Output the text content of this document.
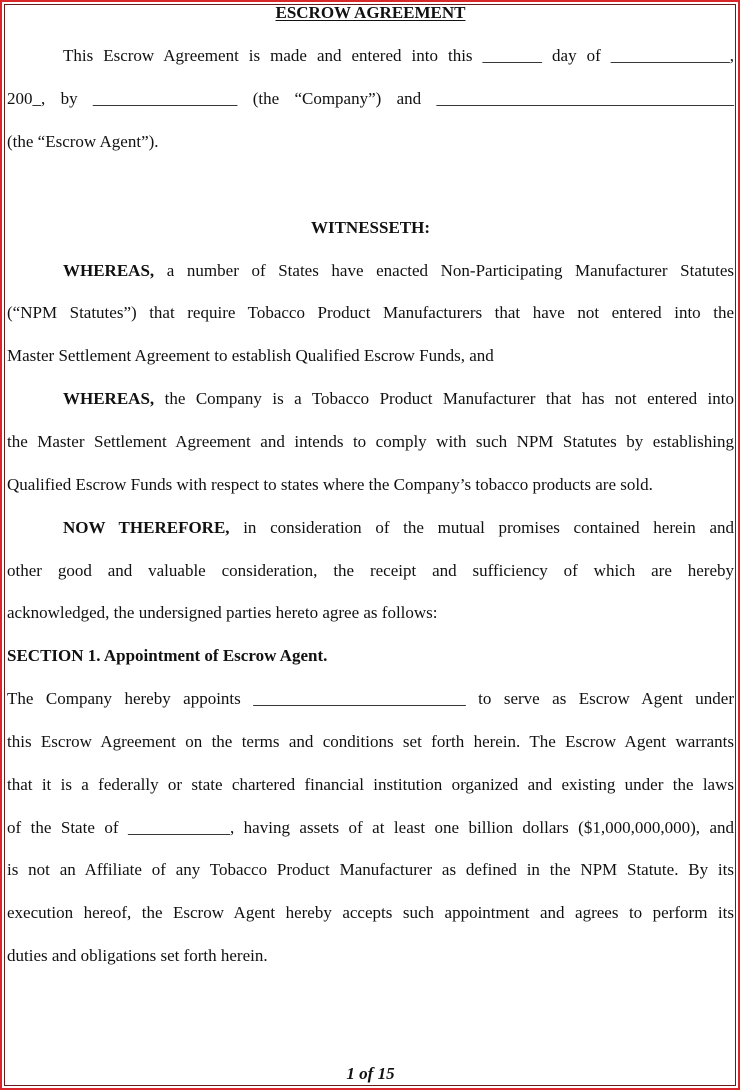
ESCROW AGREEMENT
This Escrow Agreement is made and entered into this _______ day of ______________,
200_, by _________________ (the “Company”) and ___________________________________
(the “Escrow Agent”).
WITNESSETH:
WHEREAS, a number of States have enacted Non-Participating Manufacturer Statutes
(“NPM Statutes”) that require Tobacco Product Manufacturers that have not entered into the
Master Settlement Agreement to establish Qualified Escrow Funds, and
WHEREAS, the Company is a Tobacco Product Manufacturer that has not entered into
the Master Settlement Agreement and intends to comply with such NPM Statutes by establishing
Qualified Escrow Funds with respect to states where the Company’s tobacco products are sold.
NOW THEREFORE, in consideration of the mutual promises contained herein and
other good and valuable consideration, the receipt and sufficiency of which are hereby
acknowledged, the undersigned parties hereto agree as follows:
SECTION 1. Appointment of Escrow Agent.
The Company hereby appoints _________________________ to serve as Escrow Agent under
this Escrow Agreement on the terms and conditions set forth herein. The Escrow Agent warrants
that it is a federally or state chartered financial institution organized and existing under the laws
of the State of ____________, having assets of at least one billion dollars ($1,000,000,000), and
is not an Affiliate of any Tobacco Product Manufacturer as defined in the NPM Statute. By its
execution hereof, the Escrow Agent hereby accepts such appointment and agrees to perform its
duties and obligations set forth herein.
1 of 15
